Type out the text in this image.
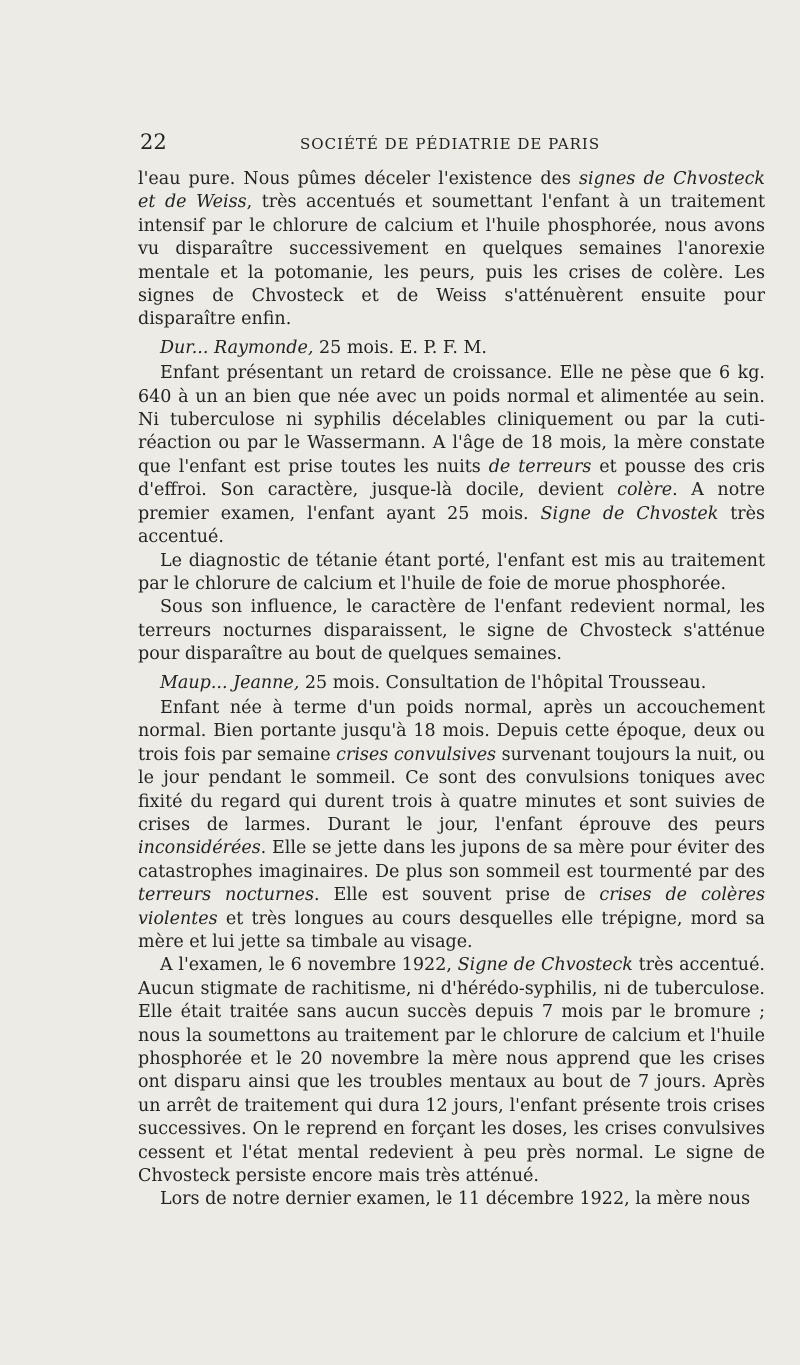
22	SOCIÉTÉ DE PÉDIATRIE DE PARIS

l'eau pure. Nous pûmes déceler l'existence des signes de Chvosteck et de Weiss, très accentués et soumettant l'enfant à un traitement intensif par le chlorure de calcium et l'huile phosphorée, nous avons vu disparaître successivement en quelques semaines l'anorexie mentale et la potomanie, les peurs, puis les crises de colère. Les signes de Chvosteck et de Weiss s'atténuèrent ensuite pour disparaître enfin.

Dur... Raymonde, 25 mois. E. P. F. M.

Enfant présentant un retard de croissance. Elle ne pèse que 6 kg. 640 à un an bien que née avec un poids normal et alimentée au sein. Ni tuberculose ni syphilis décelables cliniquement ou par la cuti-réaction ou par le Wassermann. A l'âge de 18 mois, la mère constate que l'enfant est prise toutes les nuits de terreurs et pousse des cris d'effroi. Son caractère, jusque-là docile, devient colère. A notre premier examen, l'enfant ayant 25 mois. Signe de Chvostek très accentué.

Le diagnostic de tétanie étant porté, l'enfant est mis au traitement par le chlorure de calcium et l'huile de foie de morue phosphorée.

Sous son influence, le caractère de l'enfant redevient normal, les terreurs nocturnes disparaissent, le signe de Chvosteck s'atténue pour disparaître au bout de quelques semaines.

Maup... Jeanne, 25 mois. Consultation de l'hôpital Trousseau.

Enfant née à terme d'un poids normal, après un accouchement normal. Bien portante jusqu'à 18 mois. Depuis cette époque, deux ou trois fois par semaine crises convulsives survenant toujours la nuit, ou le jour pendant le sommeil. Ce sont des convulsions toniques avec fixité du regard qui durent trois à quatre minutes et sont suivies de crises de larmes. Durant le jour, l'enfant éprouve des peurs inconsidérées. Elle se jette dans les jupons de sa mère pour éviter des catastrophes imaginaires. De plus son sommeil est tourmenté par des terreurs nocturnes. Elle est souvent prise de crises de colères violentes et très longues au cours desquelles elle trépigne, mord sa mère et lui jette sa timbale au visage.

A l'examen, le 6 novembre 1922, Signe de Chvosteck très accentué. Aucun stigmate de rachitisme, ni d'hérédo-syphilis, ni de tuberculose. Elle était traitée sans aucun succès depuis 7 mois par le bromure ; nous la soumettons au traitement par le chlorure de calcium et l'huile phosphorée et le 20 novembre la mère nous apprend que les crises ont disparu ainsi que les troubles mentaux au bout de 7 jours. Après un arrêt de traitement qui dura 12 jours, l'enfant présente trois crises successives. On le reprend en forçant les doses, les crises convulsives cessent et l'état mental redevient à peu près normal. Le signe de Chvosteck persiste encore mais très atténué.

Lors de notre dernier examen, le 11 décembre 1922, la mère nous
